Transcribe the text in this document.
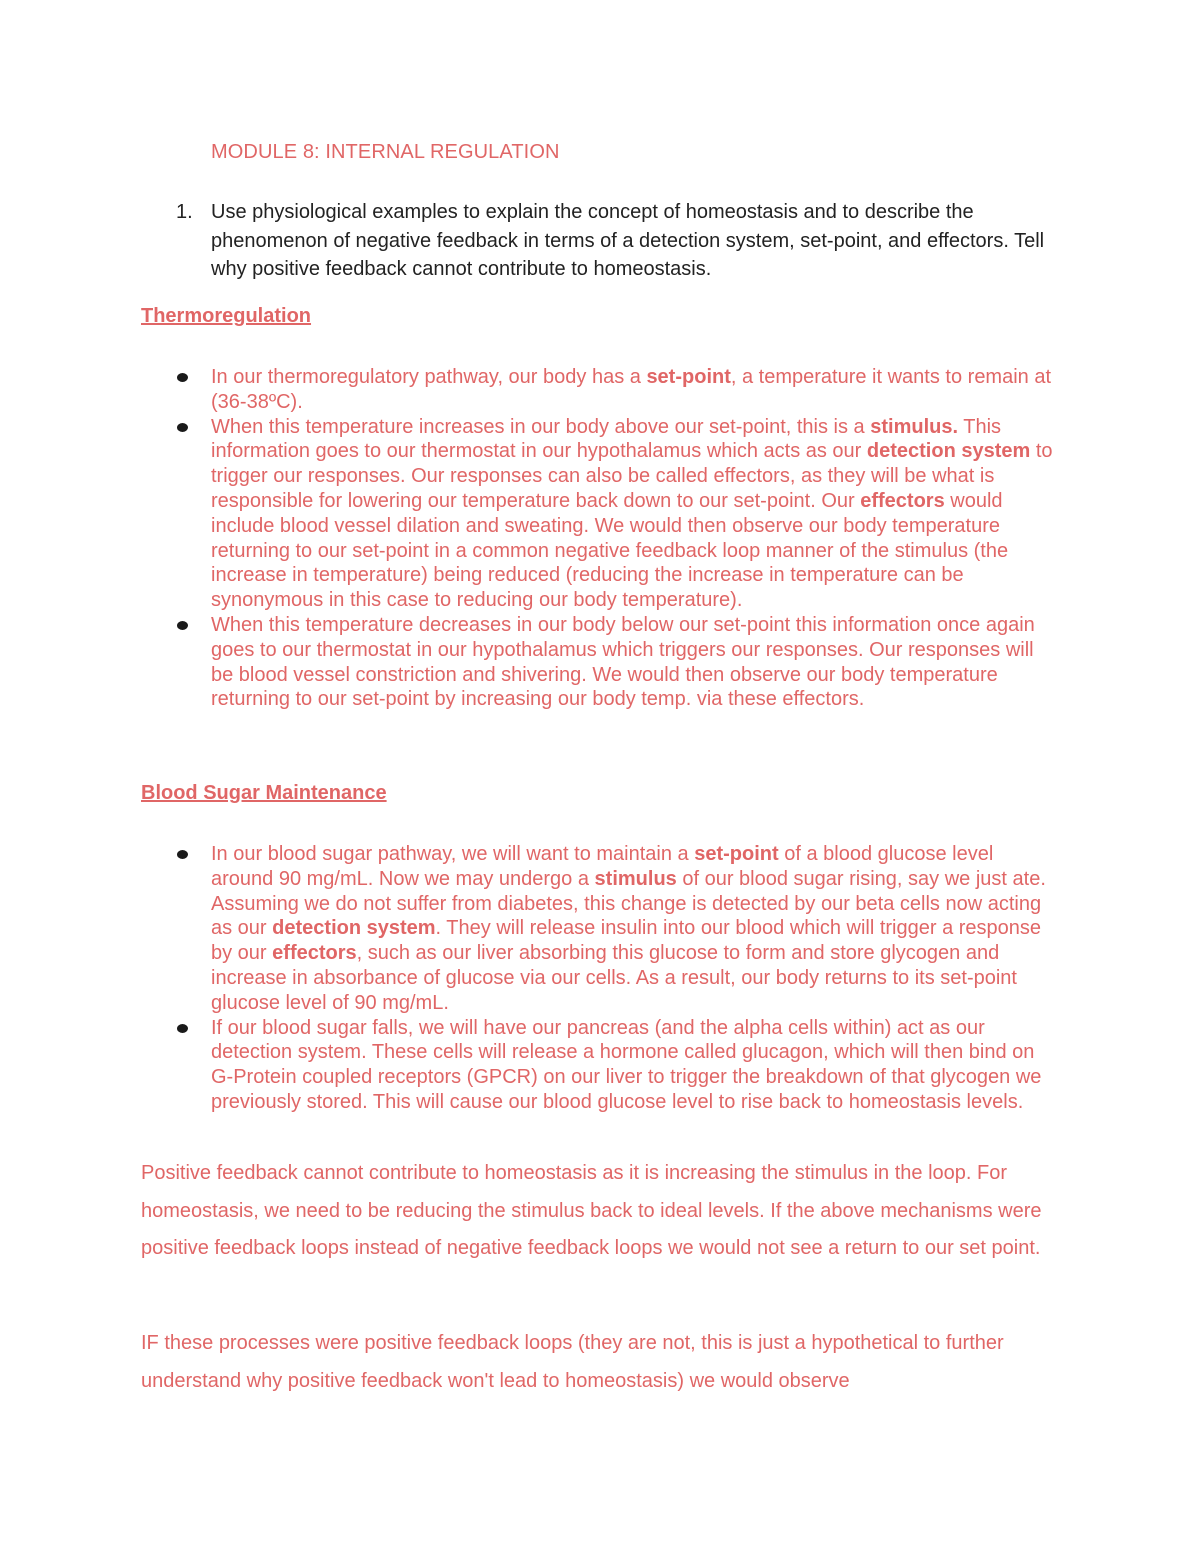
MODULE 8: INTERNAL REGULATION
1. Use physiological examples to explain the concept of homeostasis and to describe the phenomenon of negative feedback in terms of a detection system, set-point, and effectors. Tell why positive feedback cannot contribute to homeostasis.
Thermoregulation
In our thermoregulatory pathway, our body has a set-point, a temperature it wants to remain at (36-38ºC).
When this temperature increases in our body above our set-point, this is a stimulus. This information goes to our thermostat in our hypothalamus which acts as our detection system to trigger our responses. Our responses can also be called effectors, as they will be what is responsible for lowering our temperature back down to our set-point. Our effectors would include blood vessel dilation and sweating. We would then observe our body temperature returning to our set-point in a common negative feedback loop manner of the stimulus (the increase in temperature) being reduced (reducing the increase in temperature can be synonymous in this case to reducing our body temperature).
When this temperature decreases in our body below our set-point this information once again goes to our thermostat in our hypothalamus which triggers our responses. Our responses will be blood vessel constriction and shivering. We would then observe our body temperature returning to our set-point by increasing our body temp. via these effectors.
Blood Sugar Maintenance
In our blood sugar pathway, we will want to maintain a set-point of a blood glucose level around 90 mg/mL. Now we may undergo a stimulus of our blood sugar rising, say we just ate. Assuming we do not suffer from diabetes, this change is detected by our beta cells now acting as our detection system. They will release insulin into our blood which will trigger a response by our effectors, such as our liver absorbing this glucose to form and store glycogen and increase in absorbance of glucose via our cells. As a result, our body returns to its set-point glucose level of 90 mg/mL.
If our blood sugar falls, we will have our pancreas (and the alpha cells within) act as our detection system. These cells will release a hormone called glucagon, which will then bind on G-Protein coupled receptors (GPCR) on our liver to trigger the breakdown of that glycogen we previously stored. This will cause our blood glucose level to rise back to homeostasis levels.

Positive feedback cannot contribute to homeostasis as it is increasing the stimulus in the loop. For homeostasis, we need to be reducing the stimulus back to ideal levels. If the above mechanisms were positive feedback loops instead of negative feedback loops we would not see a return to our set point.

IF these processes were positive feedback loops (they are not, this is just a hypothetical to further understand why positive feedback won't lead to homeostasis) we would observe
